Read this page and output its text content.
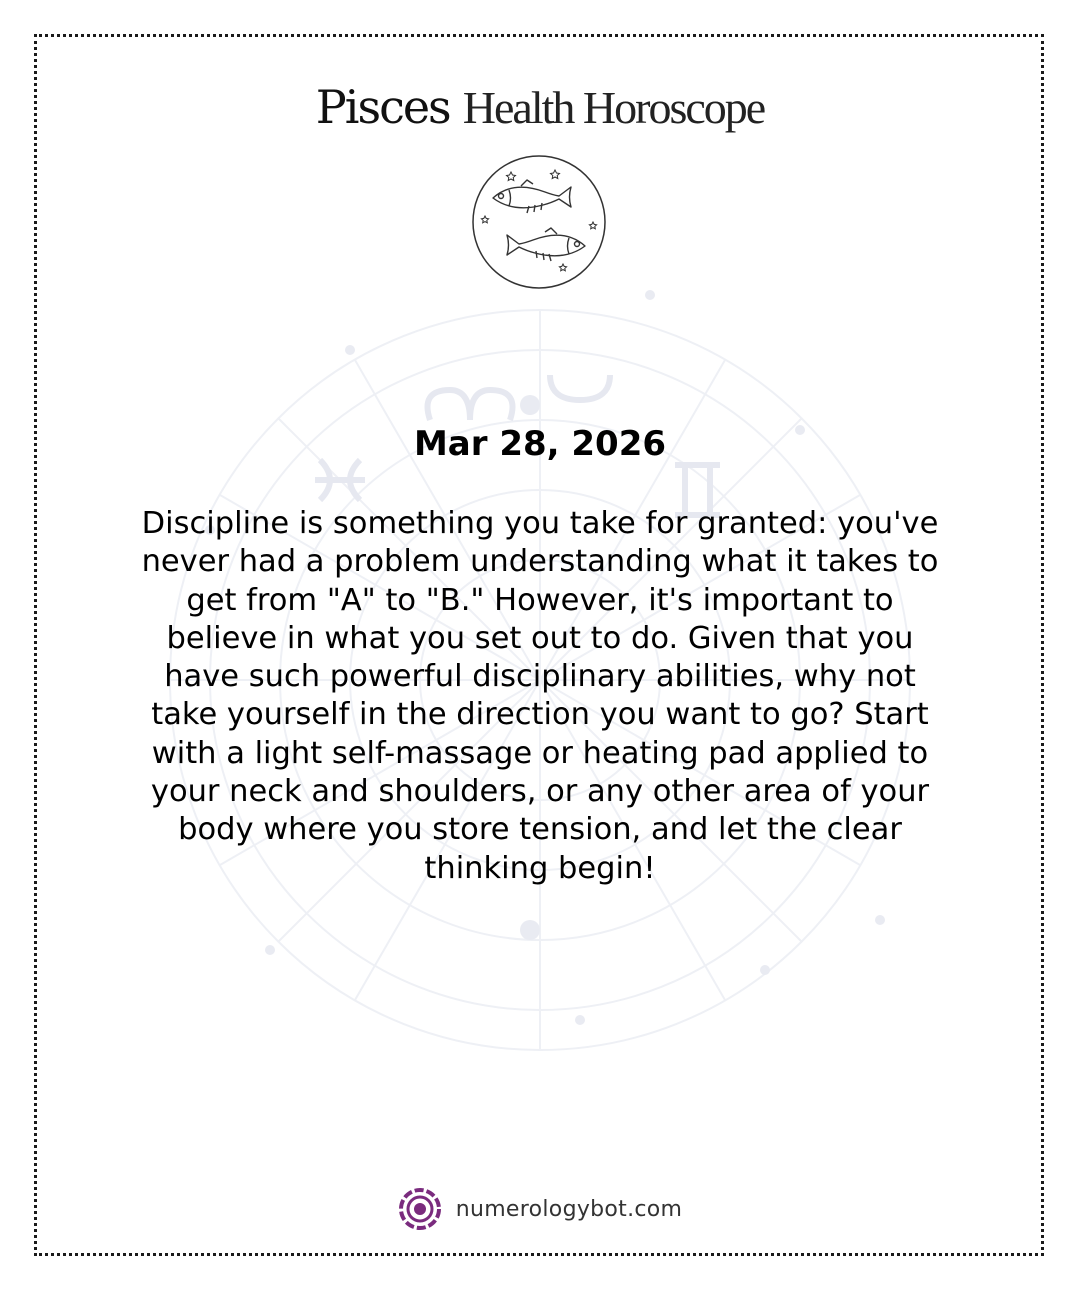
Pisces Health Horoscope
Mar 28, 2026
Discipline is something you take for granted: you've never had a problem understanding what it takes to get from "A" to "B." However, it's important to believe in what you set out to do. Given that you have such powerful disciplinary abilities, why not take yourself in the direction you want to go? Start with a light self-massage or heating pad applied to your neck and shoulders, or any other area of your body where you store tension, and let the clear thinking begin!
numerologybot.com
